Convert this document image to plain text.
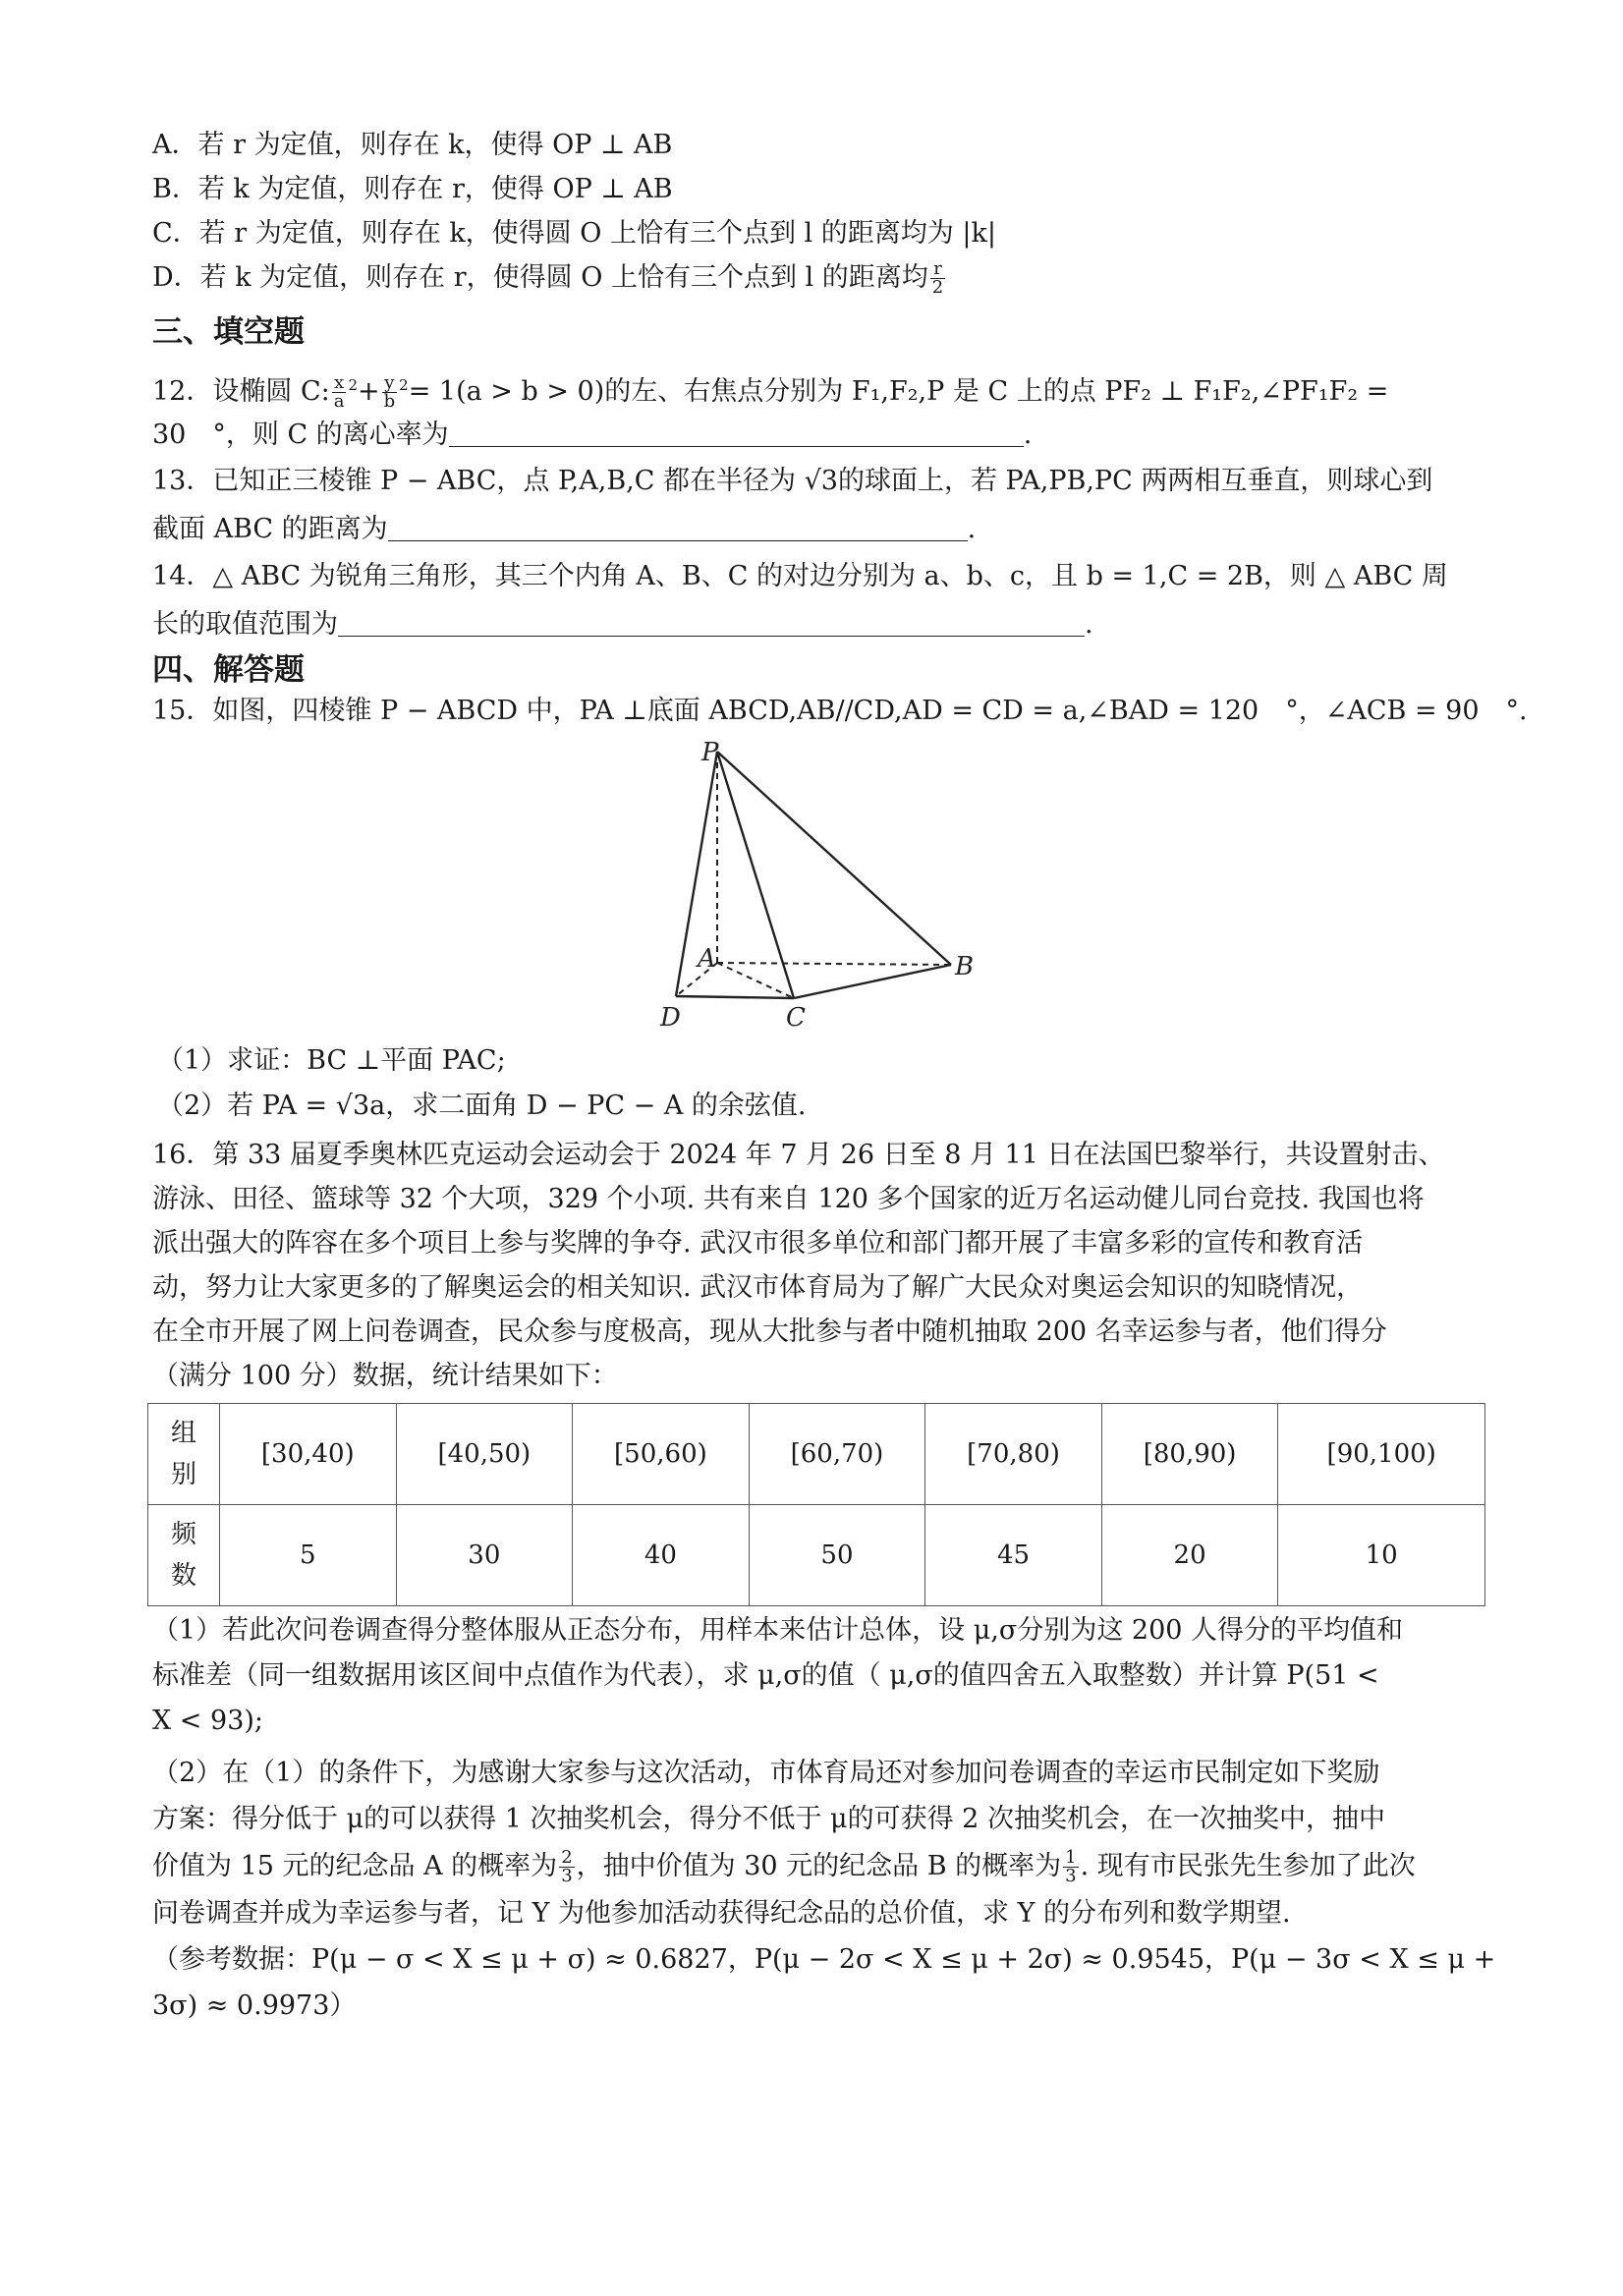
A．若 r 为定值，则存在 k，使得 OP ⊥ AB
B．若 k 为定值，则存在 r，使得 OP ⊥ AB
C．若 r 为定值，则存在 k，使得圆 O 上恰有三个点到 l 的距离均为 |k|
D．若 k 为定值，则存在 r，使得圆 O 上恰有三个点到 l 的距离均 $\frac{r}{2}$
三、填空题
12．设椭圆 C: $\frac{x}{a} ^2+ \frac{y}{b} ^2= 1(a > b > 0)$的左、右焦点分别为 F₁,F₂,P 是 C 上的点 PF₂ ⊥ F₁F₂,∠PF₁F₂ =
30　°，则 C 的离心率为	.
13．已知正三棱锥 P − ABC，点 P,A,B,C 都在半径为 √3的球面上，若 PA,PB,PC 两两相互垂直，则球心到
截面 ABC 的距离为	.
14．△ ABC 为锐角三角形，其三个内角 A、B、C 的对边分别为 a、b、c，且 b = 1,C = 2B，则 △ ABC 周
长的取值范围为	.
四、解答题
15．如图，四棱锥 P − ABCD 中，PA ⊥底面 ABCD,AB//CD,AD = CD = a,∠BAD = 120　°，∠ACB = 90　°.
P
A	B
C
D
（1）求证：BC ⊥平面 PAC;
（2）若 PA = √3a，求二面角 D − PC − A 的余弦值.
16．第 33 届夏季奥林匹克运动会运动会于 2024 年 7 月 26 日至 8 月 11 日在法国巴黎举行，共设置射击、
游泳、田径、篮球等 32 个大项，329 个小项. 共有来自 120 多个国家的近万名运动健儿同台竞技. 我国也将
派出强大的阵容在多个项目上参与奖牌的争夺. 武汉市很多单位和部门都开展了丰富多彩的宣传和教育活
动，努力让大家更多的了解奥运会的相关知识. 武汉市体育局为了解广大民众对奥运会知识的知晓情况，
在全市开展了网上问卷调查，民众参与度极高，现从大批参与者中随机抽取 200 名幸运参与者，他们得分
（满分 100 分）数据，统计结果如下：
组
别	[30,40)	[40,50)	[50,60)	[60,70)	[70,80)	[80,90)	[90,100)
频
数	5	30	40	50	45	20	10
（1）若此次问卷调查得分整体服从正态分布，用样本来估计总体，设 μ,σ分别为这 200 人得分的平均值和
标准差（同一组数据用该区间中点值作为代表），求 μ,σ的值（ μ,σ的值四舍五入取整数）并计算 P(51 <
X < 93);
（2）在（1）的条件下，为感谢大家参与这次活动，市体育局还对参加问卷调查的幸运市民制定如下奖励
方案：得分低于 μ的可以获得 1 次抽奖机会，得分不低于 μ的可获得 2 次抽奖机会，在一次抽奖中，抽中
价值为 15 元的纪念品 A 的概率为 $\frac{2}{3}$ ，抽中价值为 30 元的纪念品 B 的概率为 $\frac{1}{3}$ . 现有市民张先生参加了此次
问卷调查并成为幸运参与者，记 Y 为他参加活动获得纪念品的总价值，求 Y 的分布列和数学期望.
（参考数据：P(μ − σ < X ≤ μ + σ) ≈ 0.6827，P(μ − 2σ < X ≤ μ + 2σ) ≈ 0.9545，P(μ − 3σ < X ≤ μ +
3σ) ≈ 0.9973）
